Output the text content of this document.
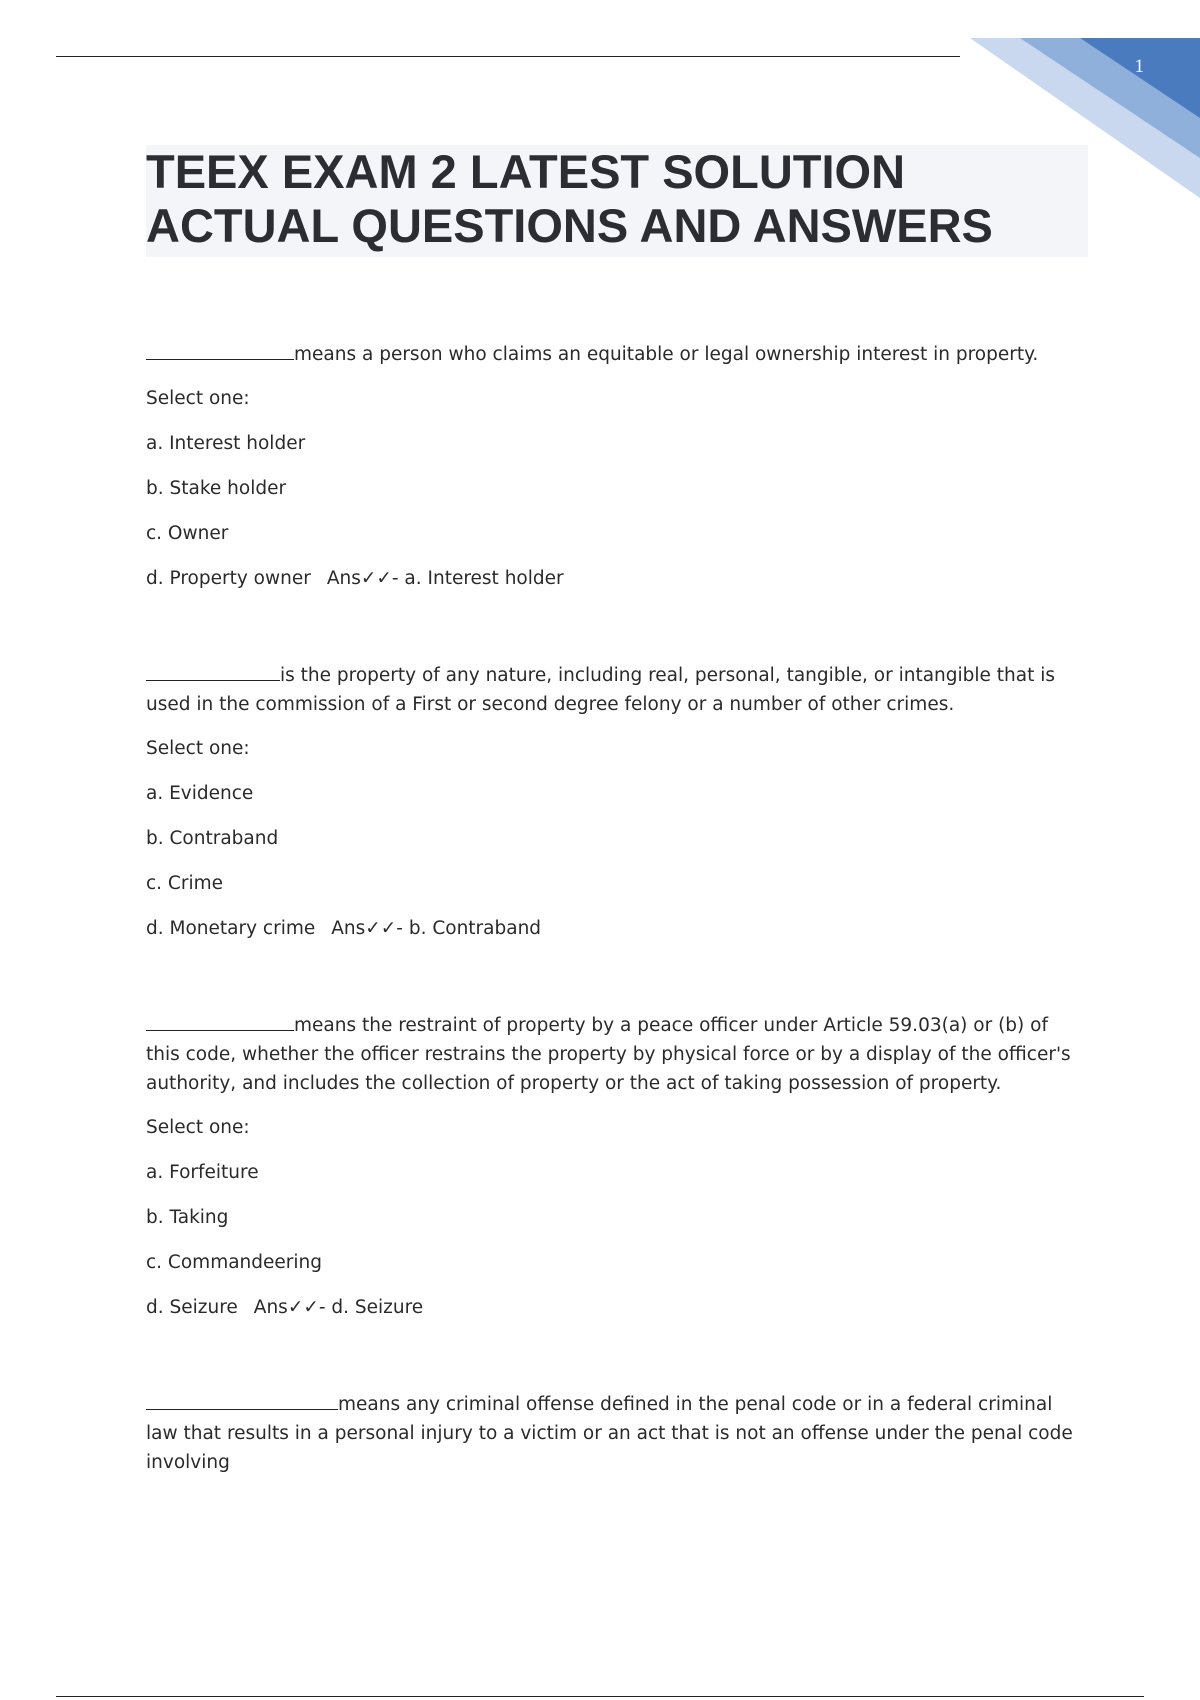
1
TEEX EXAM 2 LATEST SOLUTION
ACTUAL QUESTIONS AND ANSWERS

means a person who claims an equitable or legal ownership interest in property.

Select one:

a. Interest holder

b. Stake holder

c. Owner

d. Property owner Ans✓✓- a. Interest holder

is the property of any nature, including real, personal, tangible, or intangible that is used in the commission of a First or second degree felony or a number of other crimes.

Select one:

a. Evidence

b. Contraband

c. Crime

d. Monetary crime Ans✓✓- b. Contraband

means the restraint of property by a peace officer under Article 59.03(a) or (b) of this code, whether the officer restrains the property by physical force or by a display of the officer's authority, and includes the collection of property or the act of taking possession of property.

Select one:

a. Forfeiture

b. Taking

c. Commandeering

d. Seizure Ans✓✓- d. Seizure

means any criminal offense defined in the penal code or in a federal criminal law that results in a personal injury to a victim or an act that is not an offense under the penal code involving
